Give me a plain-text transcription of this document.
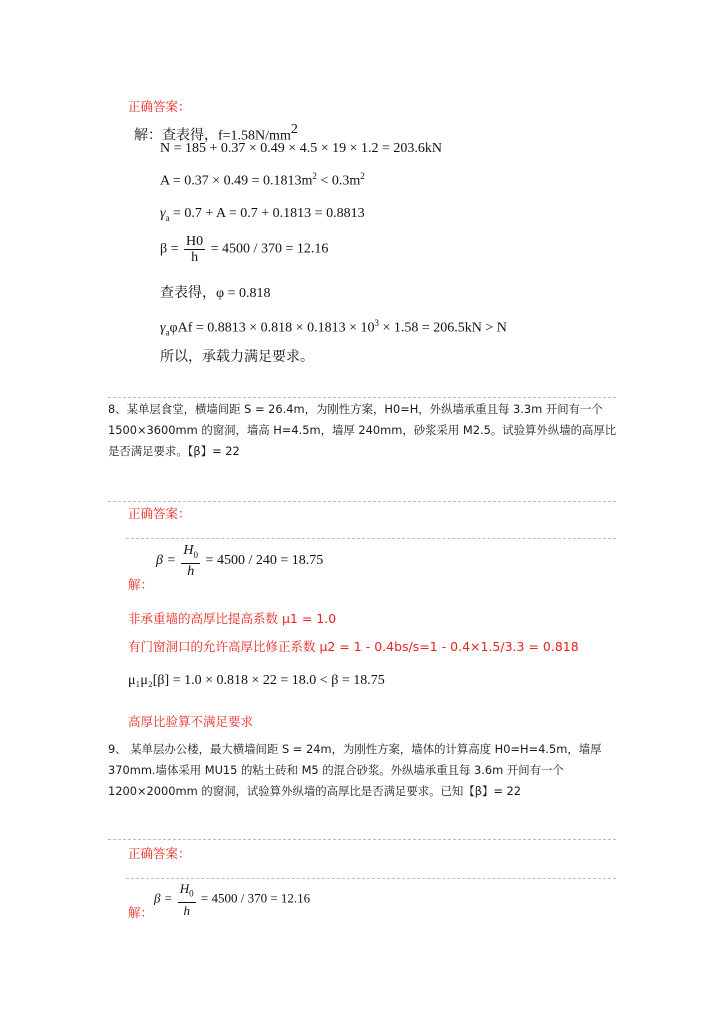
正确答案：
解：查表得，$f=1.58N/mm^2$
N = 185 + 0.37 × 0.49 × 4.5 × 19 × 1.2 = 203.6kN
$A = 0.37 \times 0.49 = 0.1813m^2 < 0.3m^2$
$\gamma_a = 0.7 + A = 0.7 + 0.1813 = 0.8813$
$\beta = \frac{H0}{h} = 4500 / 370 = 12.16$
查表得，φ = 0.818
$\gamma_a\varphi Af = 0.8813 \times 0.818 \times 0.1813 \times 10^3 \times 1.58 = 206.5kN > N$
所以，承载力满足要求。
8、某单层食堂，横墙间距 S = 26.4m，为刚性方案，H0=H，外纵墙承重且每 3.3m 开间有一个 1500×3600mm 的窗洞，墙高 H=4.5m，墙厚 240mm，砂浆采用 M2.5。试验算外纵墙的高厚比是否满足要求。【β】= 22
正确答案：
$\beta = \frac{H_0}{h} = 4500 / 240 = 18.75$
解：
非承重墙的高厚比提高系数 μ1 = 1.0
有门窗洞口的允许高厚比修正系数 μ2 = 1 - 0.4bs/s=1 - 0.4×1.5/3.3 = 0.818
μ₁μ₂[β] = 1.0 × 0.818 × 22 = 18.0 < β = 18.75
高厚比验算不满足要求
9、 某单层办公楼，最大横墙间距 S = 24m，为刚性方案，墙体的计算高度 H0=H=4.5m，墙厚 370mm.墙体采用 MU15 的粘土砖和 M5 的混合砂浆。外纵墙承重且每 3.6m 开间有一个 1200×2000mm 的窗洞，试验算外纵墙的高厚比是否满足要求。已知【β】= 22
正确答案：
$\beta = \frac{H_0}{h} = 4500 / 370 = 12.16$
解：
